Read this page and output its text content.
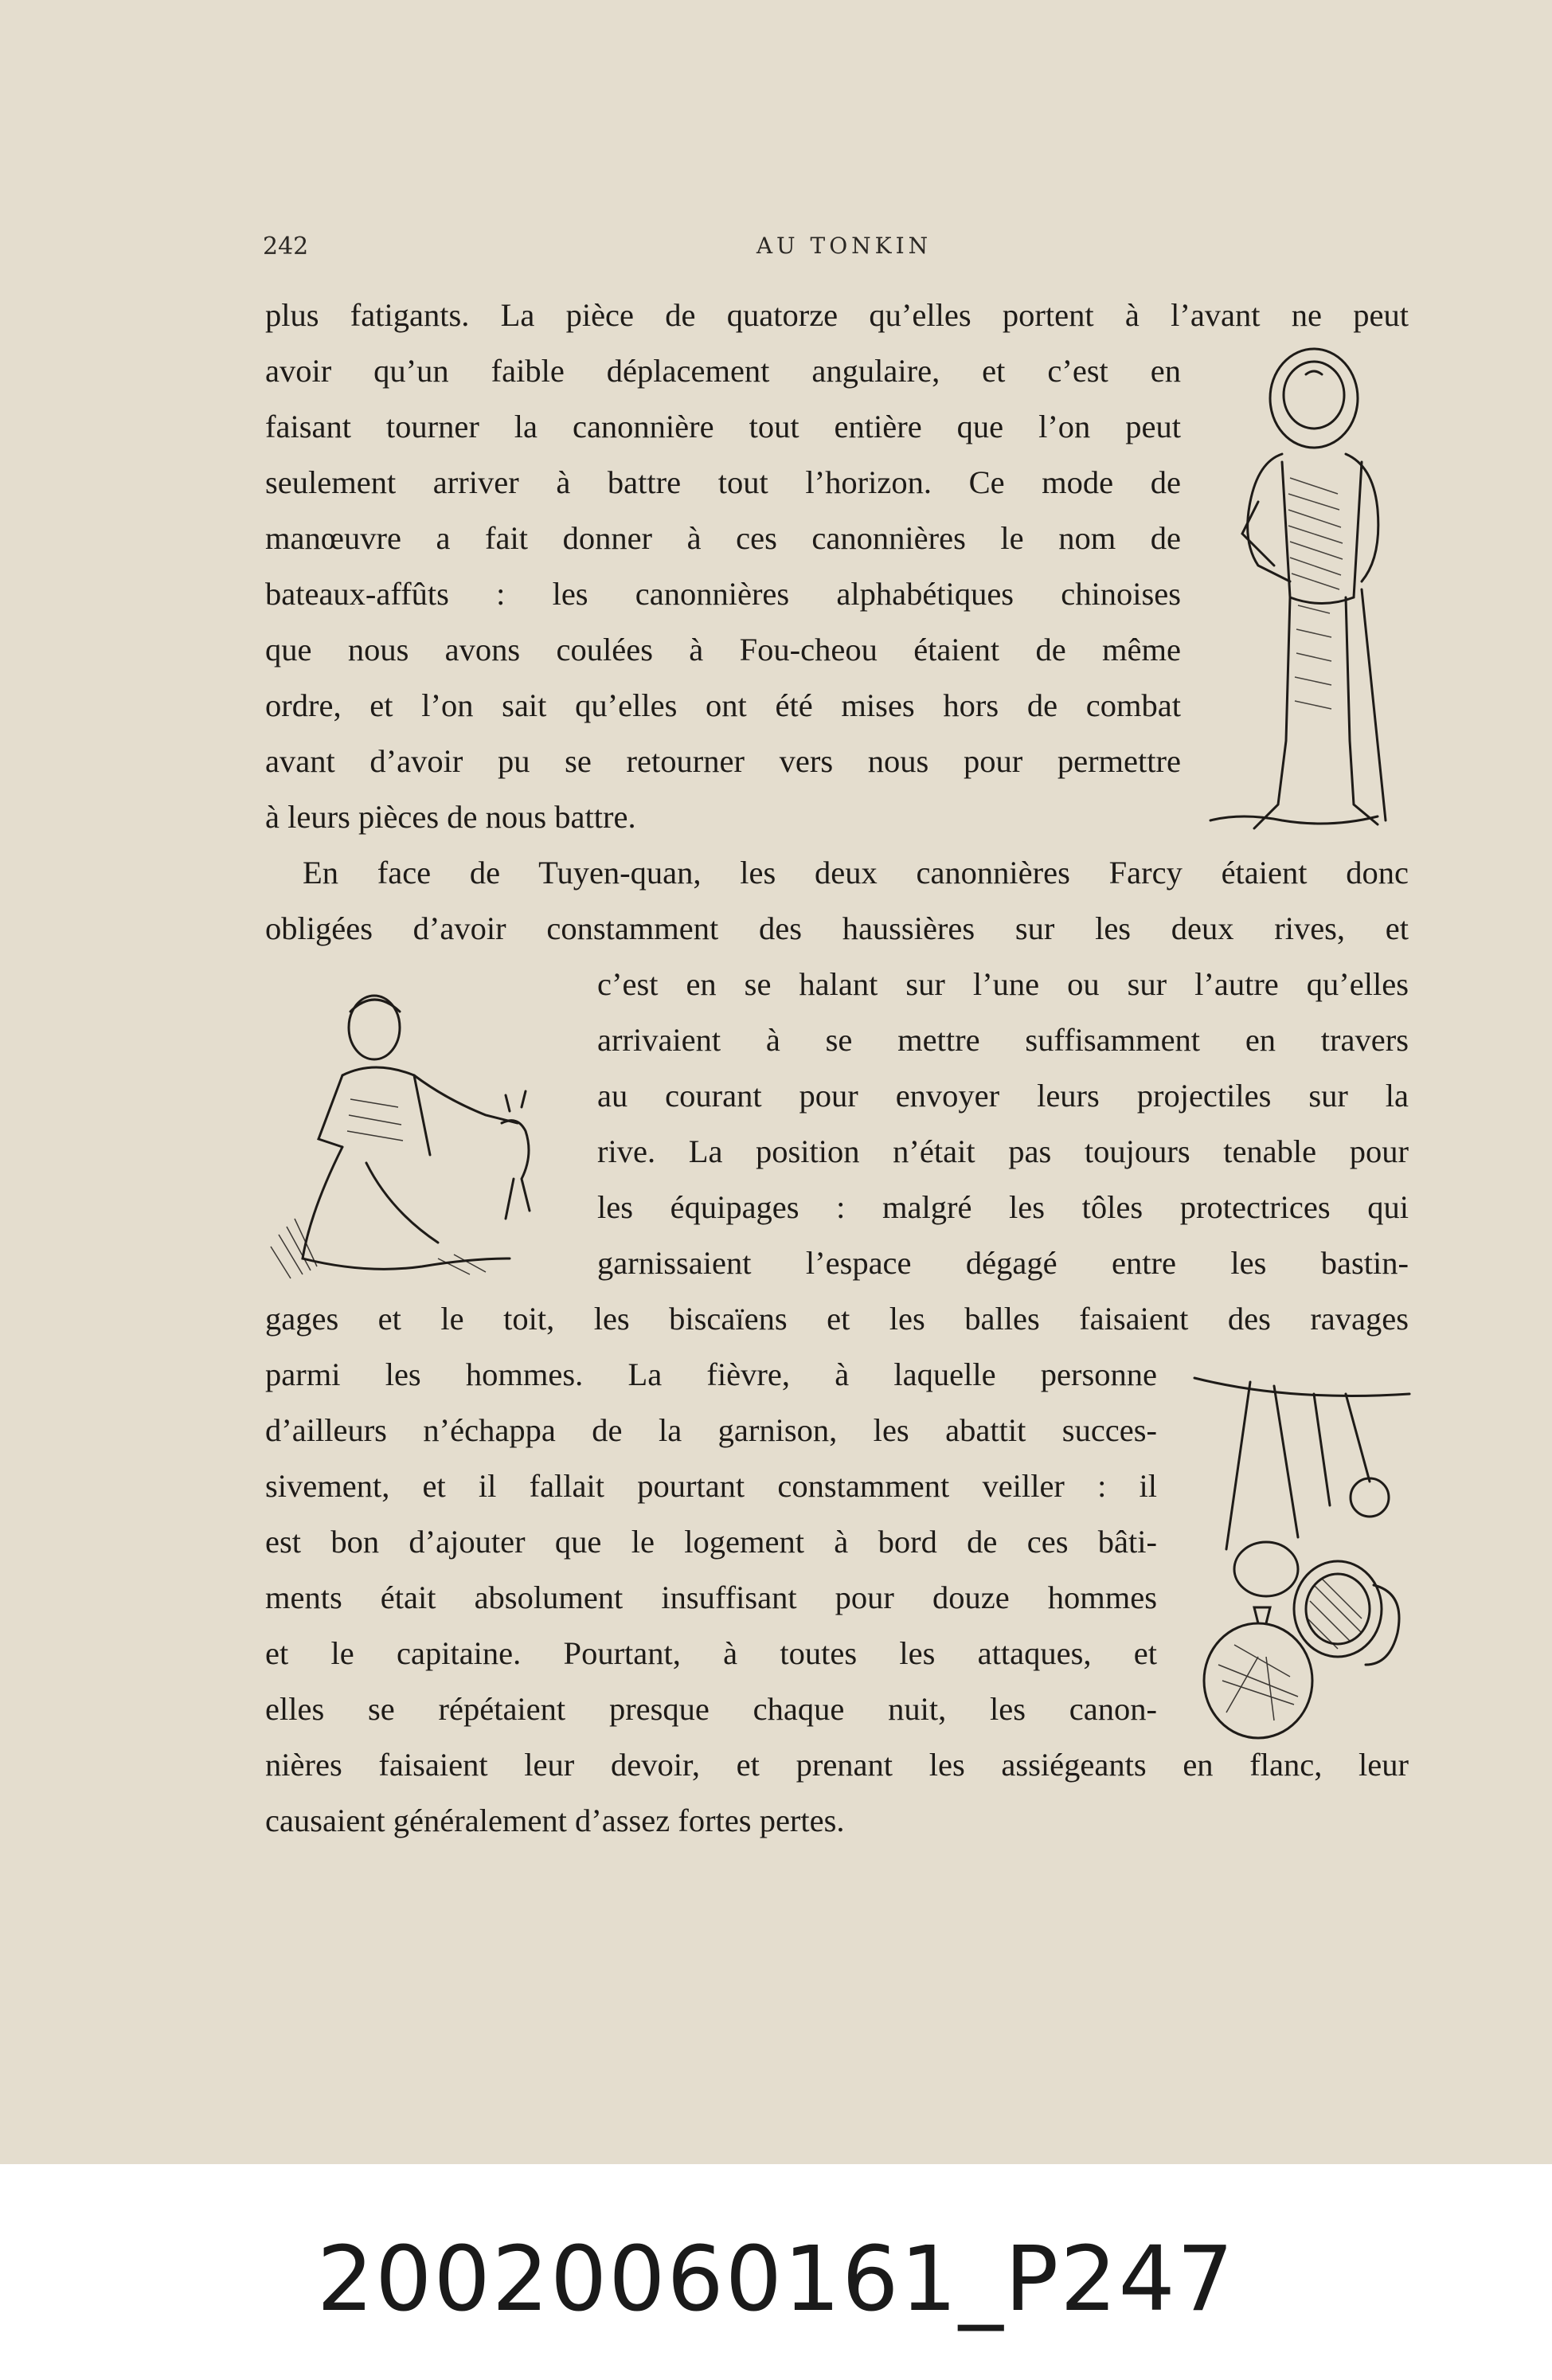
242	AU TONKIN
plus fatigants. La pièce de quatorze qu’elles portent à l’avant ne peut
avoir qu’un faible déplacement angulaire, et c’est en
faisant tourner la canonnière tout entière que l’on peut
seulement arriver à battre tout l’horizon. Ce mode de
manœuvre a fait donner à ces canonnières le nom de
bateaux-affûts : les canonnières alphabétiques chinoises
que nous avons coulées à Fou-cheou étaient de même
ordre, et l’on sait qu’elles ont été mises hors de combat
avant d’avoir pu se retourner vers nous pour permettre
à leurs pièces de nous battre.
En face de Tuyen-quan, les deux canonnières Farcy étaient donc
obligées d’avoir constamment des haussières sur les deux rives, et
c’est en se halant sur l’une ou sur l’autre qu’elles
arrivaient à se mettre suffisamment en travers
au courant pour envoyer leurs projectiles sur la
rive. La position n’était pas toujours tenable pour
les équipages : malgré les tôles protectrices qui
garnissaient l’espace dégagé entre les bastin-
gages et le toit, les biscaïens et les balles faisaient des ravages
parmi les hommes. La fièvre, à laquelle personne
d’ailleurs n’échappa de la garnison, les abattit succes-
sivement, et il fallait pourtant constamment veiller : il
est bon d’ajouter que le logement à bord de ces bâti-
ments était absolument insuffisant pour douze hommes
et le capitaine. Pourtant, à toutes les attaques, et
elles se répétaient presque chaque nuit, les canon-
nières faisaient leur devoir, et prenant les assiégeants en flanc, leur
causaient généralement d’assez fortes pertes.
20020060161_P247
